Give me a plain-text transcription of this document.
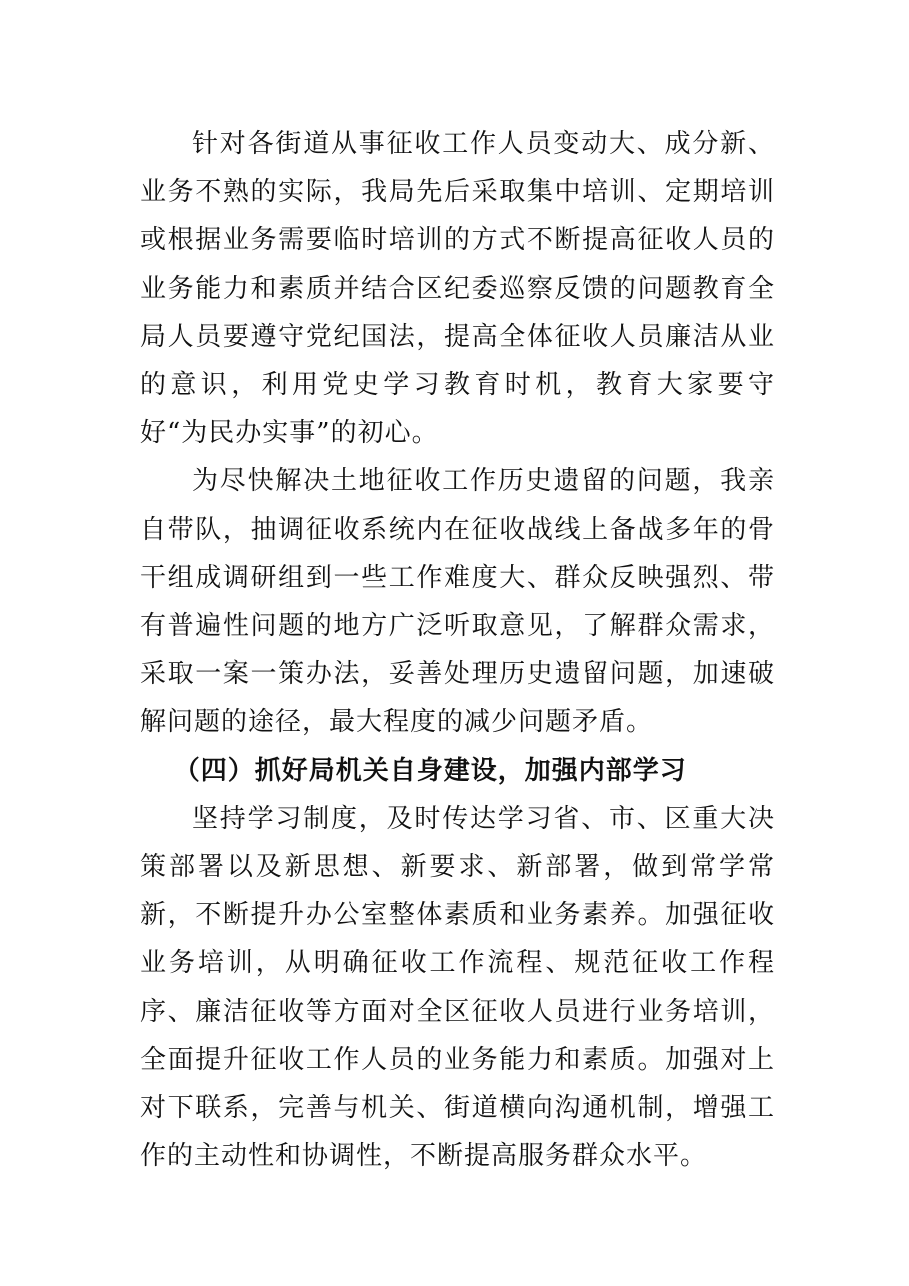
针对各街道从事征收工作人员变动大、成分新、业务不熟的实际，我局先后采取集中培训、定期培训或根据业务需要临时培训的方式不断提高征收人员的业务能力和素质并结合区纪委巡察反馈的问题教育全局人员要遵守党纪国法，提高全体征收人员廉洁从业的意识，利用党史学习教育时机，教育大家要守好“为民办实事”的初心。

为尽快解决土地征收工作历史遗留的问题，我亲自带队，抽调征收系统内在征收战线上备战多年的骨干组成调研组到一些工作难度大、群众反映强烈、带有普遍性问题的地方广泛听取意见，了解群众需求，采取一案一策办法，妥善处理历史遗留问题，加速破解问题的途径，最大程度的减少问题矛盾。

（四）抓好局机关自身建设，加强内部学习

坚持学习制度，及时传达学习省、市、区重大决策部署以及新思想、新要求、新部署，做到常学常新，不断提升办公室整体素质和业务素养。加强征收业务培训，从明确征收工作流程、规范征收工作程序、廉洁征收等方面对全区征收人员进行业务培训，全面提升征收工作人员的业务能力和素质。加强对上对下联系，完善与机关、街道横向沟通机制，增强工作的主动性和协调性，不断提高服务群众水平。
